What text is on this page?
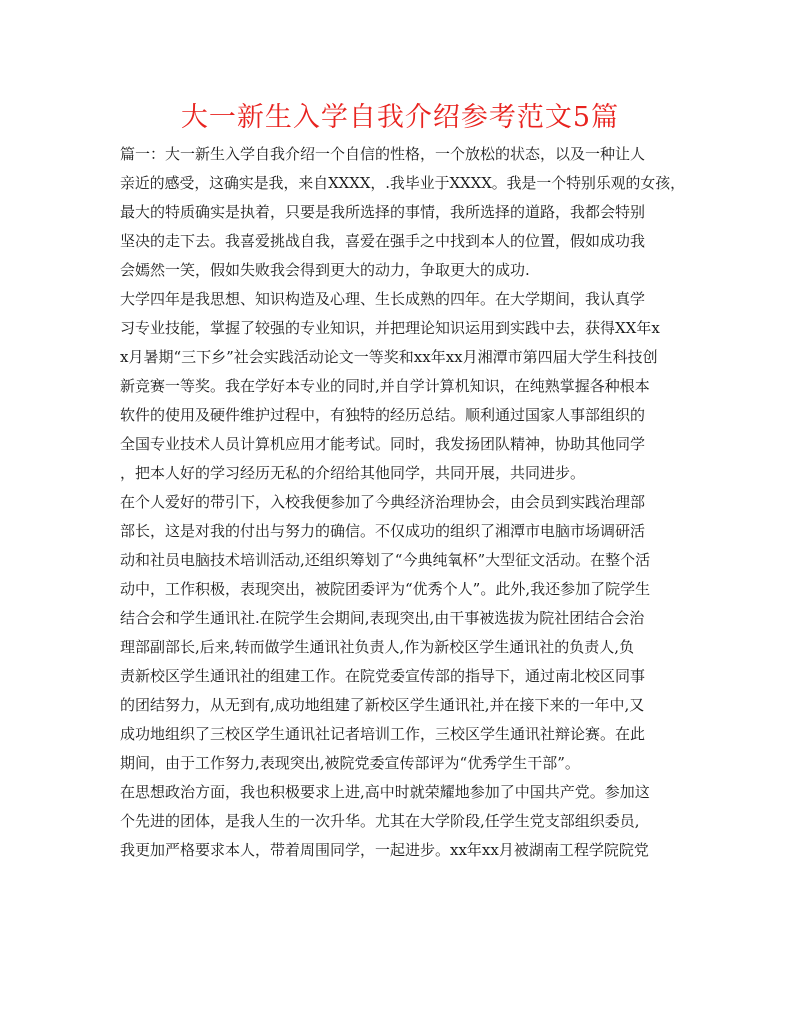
大一新生入学自我介绍参考范文5篇
篇一：大一新生入学自我介绍一个自信的性格，一个放松的状态，以及一种让人
亲近的感受，这确实是我，来自XXXX，.我毕业于XXXX。我是一个特别乐观的女孩，
最大的特质确实是执着，只要是我所选择的事情，我所选择的道路，我都会特别
坚决的走下去。我喜爱挑战自我，喜爱在强手之中找到本人的位置，假如成功我
会嫣然一笑，假如失败我会得到更大的动力，争取更大的成功.
大学四年是我思想、知识构造及心理、生长成熟的四年。在大学期间，我认真学
习专业技能，掌握了较强的专业知识，并把理论知识运用到实践中去，获得XX年x
x月暑期“三下乡”社会实践活动论文一等奖和xx年xx月湘潭市第四届大学生科技创
新竞赛一等奖。我在学好本专业的同时,并自学计算机知识，在纯熟掌握各种根本
软件的使用及硬件维护过程中，有独特的经历总结。顺利通过国家人事部组织的
全国专业技术人员计算机应用才能考试。同时，我发扬团队精神，协助其他同学
，把本人好的学习经历无私的介绍给其他同学，共同开展，共同进步。
在个人爱好的带引下，入校我便参加了今典经济治理协会，由会员到实践治理部
部长，这是对我的付出与努力的确信。不仅成功的组织了湘潭市电脑市场调研活
动和社员电脑技术培训活动,还组织筹划了“今典纯氧杯”大型征文活动。在整个活
动中，工作积极，表现突出，被院团委评为“优秀个人”。此外,我还参加了院学生
结合会和学生通讯社.在院学生会期间,表现突出,由干事被选拔为院社团结合会治
理部副部长,后来,转而做学生通讯社负责人,作为新校区学生通讯社的负责人,负
责新校区学生通讯社的组建工作。在院党委宣传部的指导下，通过南北校区同事
的团结努力，从无到有,成功地组建了新校区学生通讯社,并在接下来的一年中,又
成功地组织了三校区学生通讯社记者培训工作，三校区学生通讯社辩论赛。在此
期间，由于工作努力,表现突出,被院党委宣传部评为“优秀学生干部”。
在思想政治方面，我也积极要求上进,高中时就荣耀地参加了中国共产党。参加这
个先进的团体，是我人生的一次升华。尤其在大学阶段,任学生党支部组织委员,
我更加严格要求本人，带着周围同学，一起进步。xx年xx月被湖南工程学院院党
